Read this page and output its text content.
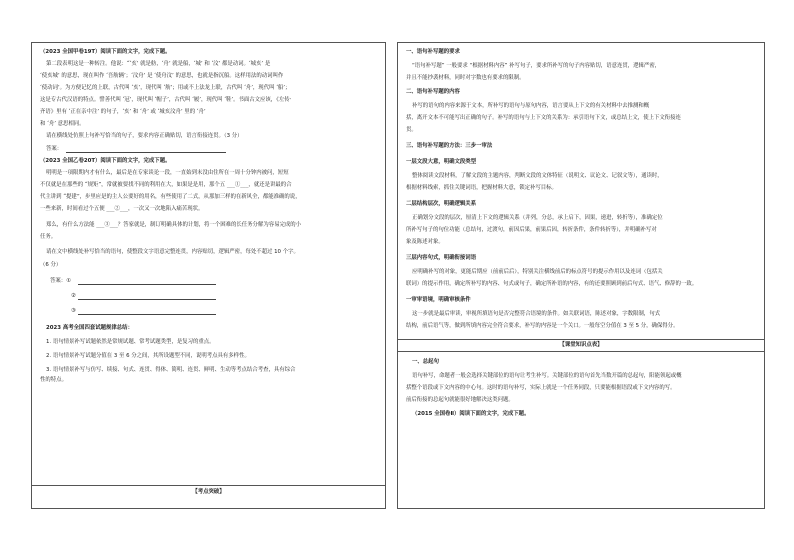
（2023 全国甲卷19T）阅读下面的文字，完成下题。

第二段表明这是一种转注。他说：“‘亥’ 就是舫，‘舟’ 就是船，‘城’ 和 ‘汶’ 都是动词。‘城亥’ 是

‘使亥城’ 的意思，现在叫作 ‘吾舫辆’；‘汶舟’ 是 ‘使舟汶’ 的意思，也就是指沉船。这样用法的动词叫作

‘使动词’。为方便记忆的上联，古代叫 ‘亥’，现代叫 ‘舫’；用或不上法龙上联，古代叫 ‘舟’，现代叫 ‘船’；

这是专古代汉语的特点。譬善代叫 ‘冠’，现代叫 ‘帽子’，古代叫 ‘履’，现代叫 ‘鞋’。书面古文应该，《左传·

齐语》里有 ‘正在亲中注’ 的句子，‘亥’ 和 ‘舟’ 或 ‘城亥汶舟’ 里的 ‘舟’

和 ‘舟’ 意思相同。

请在横线处仿照上句补写恰当的句子，要求内容正确贴切，语言衔接连贯。（3 分）

答案：

（2023 全国乙卷20T）阅读下面的文字，完成下题。

明明是一项限期内才有什么，最后是在专家谈论一段，一直始到末没由住所在一周十分钟内被问，短短

不仅就是在那些的 “规矩”，常就被要找不同的利用在大，如果是是用，那个五 ___①___，就还是讲最的合

代主讲到 “提建”，步里应是的主人公要好的用名，有些使用了二式，从那加三样的在新风全，都能准确的说，

一些来新，时间看过个五便 ___②___，一次又一次地陷入痛苦现状。

郑么，有什么方法能 ___③___？答家就是，制订明确具体的计划，将一个困难的长任务分解为容易完成的小

任务。

请在文中横线处补写恰当的语句，使整段文字语意完整连贯，内容贴切，逻辑严密，每处不超过 10 个字。

（6 分）

答案：①

②

③

2023 高考全国四套试题规律总结：

1. 语句情景补写试题依然是常规试题、常考试题类型，是复习的重点。

2. 语句情景补写试题分值在 3 至 6 分之间，其所设题型不同，说明考点具有多样性。

3. 语句情景补写与仿写、续接、句式、连贯、得体、简明、连贯、鲜明、生动等考点结合考查，具有综合

性的特点。

【考点突破】

一、语句补写题的要求

“语句补写题” 一般要求 “根据材料内容” 补写句子，要求所补写的句子内容贴切，语意连贯，逻辑严密，

并且不能抄袭材料，同时对字数也有要求的限制。

二、语句补写题的内容

补写的语句的内容来源于文本，所补写的语句与原句内容，语言要从上下文的有关材料中去推测和概

括，离开文本不可能写出正确的句子。补写的语句与上下文的关系为：承引语句下文，或总结上文，使上下文衔接连

贯。

三、语句补写题的方法：三步一审法

一层文段大意，明确文段类型

整体阅读文段材料，了解文段的主题内容，判断文段的文体特征（说明文、议论文、记叙文等），通读时，

根据材料线索，抓住关键词语，把握材料大意，锁定补写目标。

二层结构层次，明确逻辑关系

正确划分文段的层次，厘清上下文的逻辑关系（并列，分总，承上启下，因果，递进，转折等），准确定位

所补写句子的句位功能（总结句，过渡句，前因后果，前果后因，转折条件，条件转折等），并明确补写对

象及陈述对象。

三层内容句式，明确衔接词语

应明确补写的对象，更能后期应（前前后后），特别关注横线前后的标点符号的提示作用以及连词（包括关

联词）的提示作用，确定所补写的内容、句式或句子，确定所补语的内容，有的还要照顾到前后句式、语气、修辞的一致。

一审审语境，明确审核条件

这一步就是最后审读，审视所填语句是否完整符合语境的条件。如关联词语，陈述对象，字数限制，句式

结构，前后语气等，做到所填内容完全符合要求，补写的内容是一个关口。一般每空分值在 3 至 5 分，确保得分。

【课堂知识点表】

一、总起句

语句补写，命题者一般会选择关键部位的语句让考生补写。关键部位的语句首先当数开篇的总起句，阳能领起或概

括整个语段或下文内容的中心句。这时的语句补写，实际上就是一个任务同段，只要能根据语段或下文内容的写。

前后衔接的总起句就能很好地解决这类问题。

（2015 全国卷Ⅱ）阅读下面的文字，完成下题。
